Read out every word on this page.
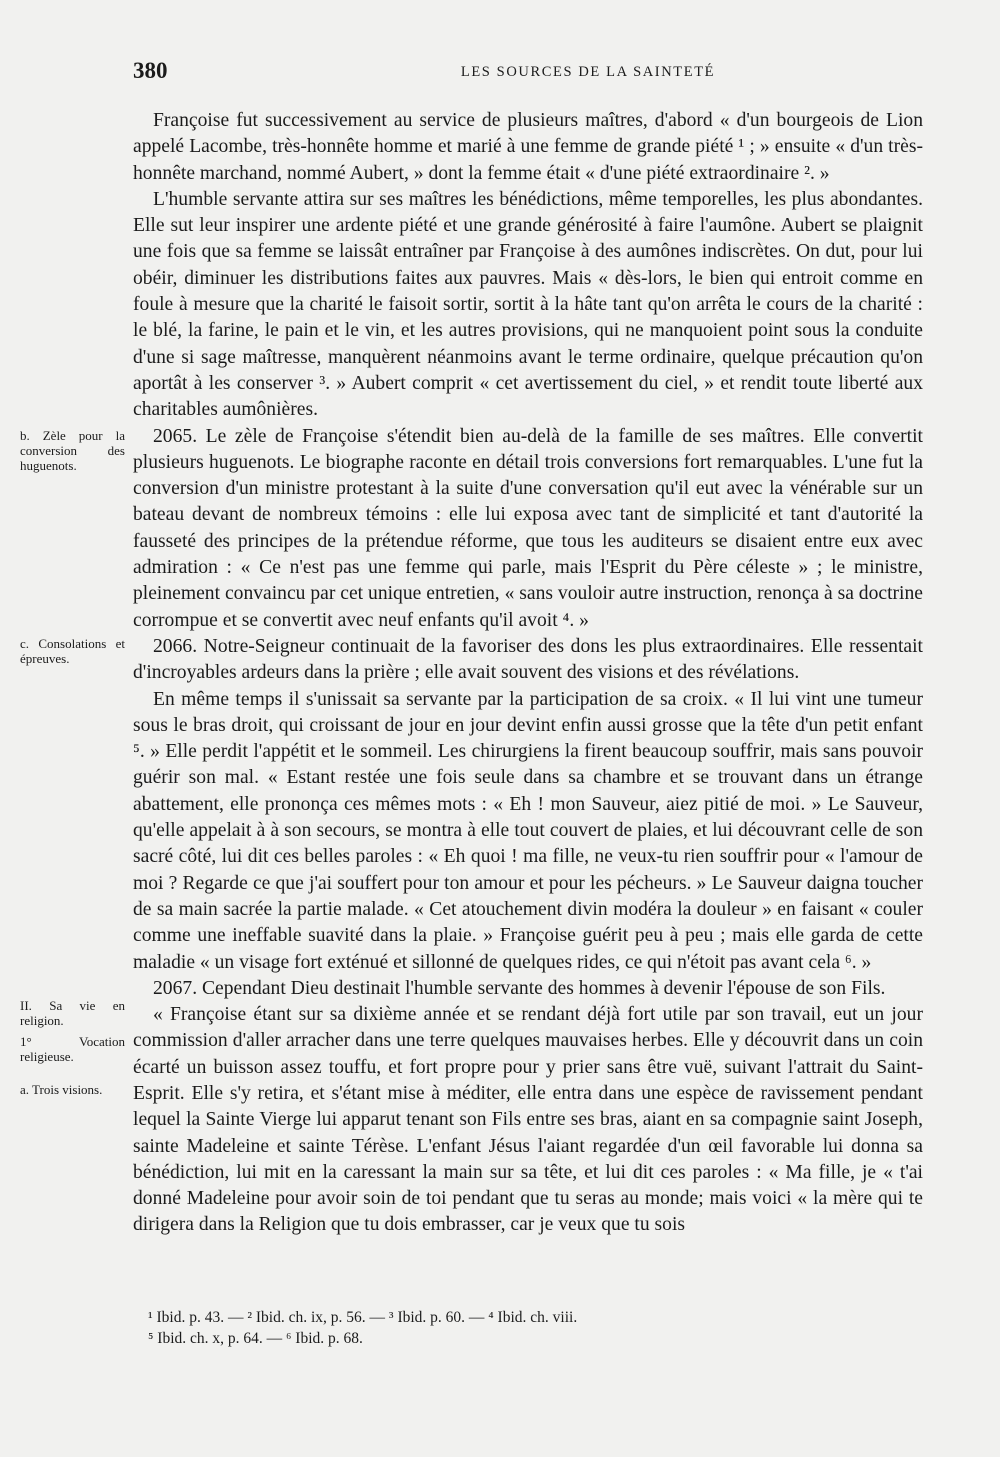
380	LES SOURCES DE LA SAINTETÉ

Françoise fut successivement au service de plusieurs maîtres, d'abord « d'un bourgeois de Lion appelé Lacombe, très-honnête homme et marié à une femme de grande piété ¹ ; » ensuite « d'un très-honnête marchand, nommé Aubert, » dont la femme était « d'une piété extraordinaire ². »

L'humble servante attira sur ses maîtres les bénédictions, même temporelles, les plus abondantes. Elle sut leur inspirer une ardente piété et une grande générosité à faire l'aumône. Aubert se plaignit une fois que sa femme se laissât entraîner par Françoise à des aumônes indiscrètes. On dut, pour lui obéir, diminuer les distributions faites aux pauvres. Mais « dès-lors, le bien qui entroit comme en foule à mesure que la charité le faisoit sortir, sortit à la hâte tant qu'on arrêta le cours de la charité : le blé, la farine, le pain et le vin, et les autres provisions, qui ne manquoient point sous la conduite d'une si sage maîtresse, manquèrent néanmoins avant le terme ordinaire, quelque précaution qu'on aportât à les conserver ³. » Aubert comprit « cet avertissement du ciel, » et rendit toute liberté aux charitables aumônières.

2065. Le zèle de Françoise s'étendit bien au-delà de la famille de ses maîtres. Elle convertit plusieurs huguenots. Le biographe raconte en détail trois conversions fort remarquables. L'une fut la conversion d'un ministre protestant à la suite d'une conversation qu'il eut avec la vénérable sur un bateau devant de nombreux témoins : elle lui exposa avec tant de simplicité et tant d'autorité la fausseté des principes de la prétendue réforme, que tous les auditeurs se disaient entre eux avec admiration : « Ce n'est pas une femme qui parle, mais l'Esprit du Père céleste » ; le ministre, pleinement convaincu par cet unique entretien, « sans vouloir autre instruction, renonça à sa doctrine corrompue et se convertit avec neuf enfants qu'il avoit ⁴. »

2066. Notre-Seigneur continuait de la favoriser des dons les plus extraordinaires. Elle ressentait d'incroyables ardeurs dans la prière ; elle avait souvent des visions et des révélations.

En même temps il s'unissait sa servante par la participation de sa croix. « Il lui vint une tumeur sous le bras droit, qui croissant de jour en jour devint enfin aussi grosse que la tête d'un petit enfant ⁵. » Elle perdit l'appétit et le sommeil. Les chirurgiens la firent beaucoup souffrir, mais sans pouvoir guérir son mal. « Estant restée une fois seule dans sa chambre et se trouvant dans un étrange abattement, elle prononça ces mêmes mots : « Eh ! mon Sauveur, aiez pitié de moi. » Le Sauveur, qu'elle appelait à à son secours, se montra à elle tout couvert de plaies, et lui découvrant celle de son sacré côté, lui dit ces belles paroles : « Eh quoi ! ma fille, ne veux-tu rien souffrir pour « l'amour de moi ? Regarde ce que j'ai souffert pour ton amour et pour les pécheurs. » Le Sauveur daigna toucher de sa main sacrée la partie malade. « Cet atouchement divin modéra la douleur » en faisant « couler comme une ineffable suavité dans la plaie. » Françoise guérit peu à peu ; mais elle garda de cette maladie « un visage fort exténué et sillonné de quelques rides, ce qui n'étoit pas avant cela ⁶. »

2067. Cependant Dieu destinait l'humble servante des hommes à devenir l'épouse de son Fils.

« Françoise étant sur sa dixième année et se rendant déjà fort utile par son travail, eut un jour commission d'aller arracher dans une terre quelques mauvaises herbes. Elle y découvrit dans un coin écarté un buisson assez touffu, et fort propre pour y prier sans être vuë, suivant l'attrait du Saint-Esprit. Elle s'y retira, et s'étant mise à méditer, elle entra dans une espèce de ravissement pendant lequel la Sainte Vierge lui apparut tenant son Fils entre ses bras, aiant en sa compagnie saint Joseph, sainte Madeleine et sainte Térèse. L'enfant Jésus l'aiant regardée d'un œil favorable lui donna sa bénédiction, lui mit en la caressant la main sur sa tête, et lui dit ces paroles : « Ma fille, je « t'ai donné Madeleine pour avoir soin de toi pendant que tu seras au monde; mais voici « la mère qui te dirigera dans la Religion que tu dois embrasser, car je veux que tu sois

b. Zèle pour la conversion des huguenots.
c. Consolations et épreuves.
II. Sa vie en religion.
1° Vocation religieuse.
a. Trois visions.

¹ Ibid. p. 43. — ² Ibid. ch. ix, p. 56. — ³ Ibid. p. 60. — ⁴ Ibid. ch. viii.

⁵ Ibid. ch. x, p. 64. — ⁶ Ibid. p. 68.
